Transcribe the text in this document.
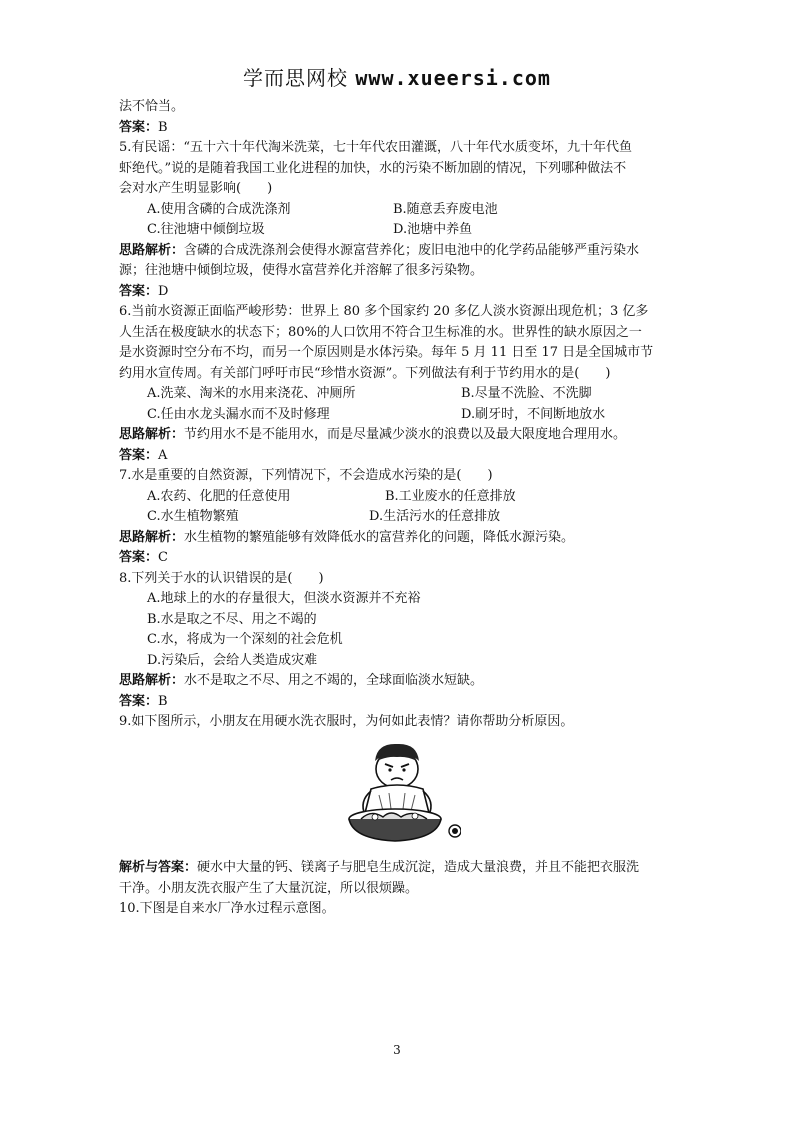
学而思网校 www.xueersi.com
法不恰当。
答案：B
5.有民谣：“五十六十年代淘米洗菜，七十年代农田灌溉，八十年代水质变坏，九十年代鱼
虾绝代。”说的是随着我国工业化进程的加快，水的污染不断加剧的情况，下列哪种做法不
会对水产生明显影响(　　)
A.使用含磷的合成洗涤剂	B.随意丢弃废电池
C.往池塘中倾倒垃圾	D.池塘中养鱼
思路解析：含磷的合成洗涤剂会使得水源富营养化；废旧电池中的化学药品能够严重污染水
源；往池塘中倾倒垃圾，使得水富营养化并溶解了很多污染物。
答案：D
6.当前水资源正面临严峻形势：世界上 80 多个国家约 20 多亿人淡水资源出现危机；3 亿多
人生活在极度缺水的状态下；80%的人口饮用不符合卫生标准的水。世界性的缺水原因之一
是水资源时空分布不均，而另一个原因则是水体污染。每年 5 月 11 日至 17 日是全国城市节
约用水宣传周。有关部门呼吁市民“珍惜水资源”。下列做法有利于节约用水的是(　　)
A.洗菜、淘米的水用来浇花、冲厕所	B.尽量不洗脸、不洗脚
C.任由水龙头漏水而不及时修理	D.刷牙时，不间断地放水
思路解析：节约用水不是不能用水，而是尽量减少淡水的浪费以及最大限度地合理用水。
答案：A
7.水是重要的自然资源，下列情况下，不会造成水污染的是(　　)
A.农药、化肥的任意使用	B.工业废水的任意排放
C.水生植物繁殖	D.生活污水的任意排放
思路解析：水生植物的繁殖能够有效降低水的富营养化的问题，降低水源污染。
答案：C
8.下列关于水的认识错误的是(　　)
A.地球上的水的存量很大，但淡水资源并不充裕
B.水是取之不尽、用之不竭的
C.水，将成为一个深刻的社会危机
D.污染后，会给人类造成灾难
思路解析：水不是取之不尽、用之不竭的，全球面临淡水短缺。
答案：B
9.如下图所示，小朋友在用硬水洗衣服时，为何如此表情？请你帮助分析原因。
解析与答案：硬水中大量的钙、镁离子与肥皂生成沉淀，造成大量浪费，并且不能把衣服洗
干净。小朋友洗衣服产生了大量沉淀，所以很烦躁。
10.下图是自来水厂净水过程示意图。
3
